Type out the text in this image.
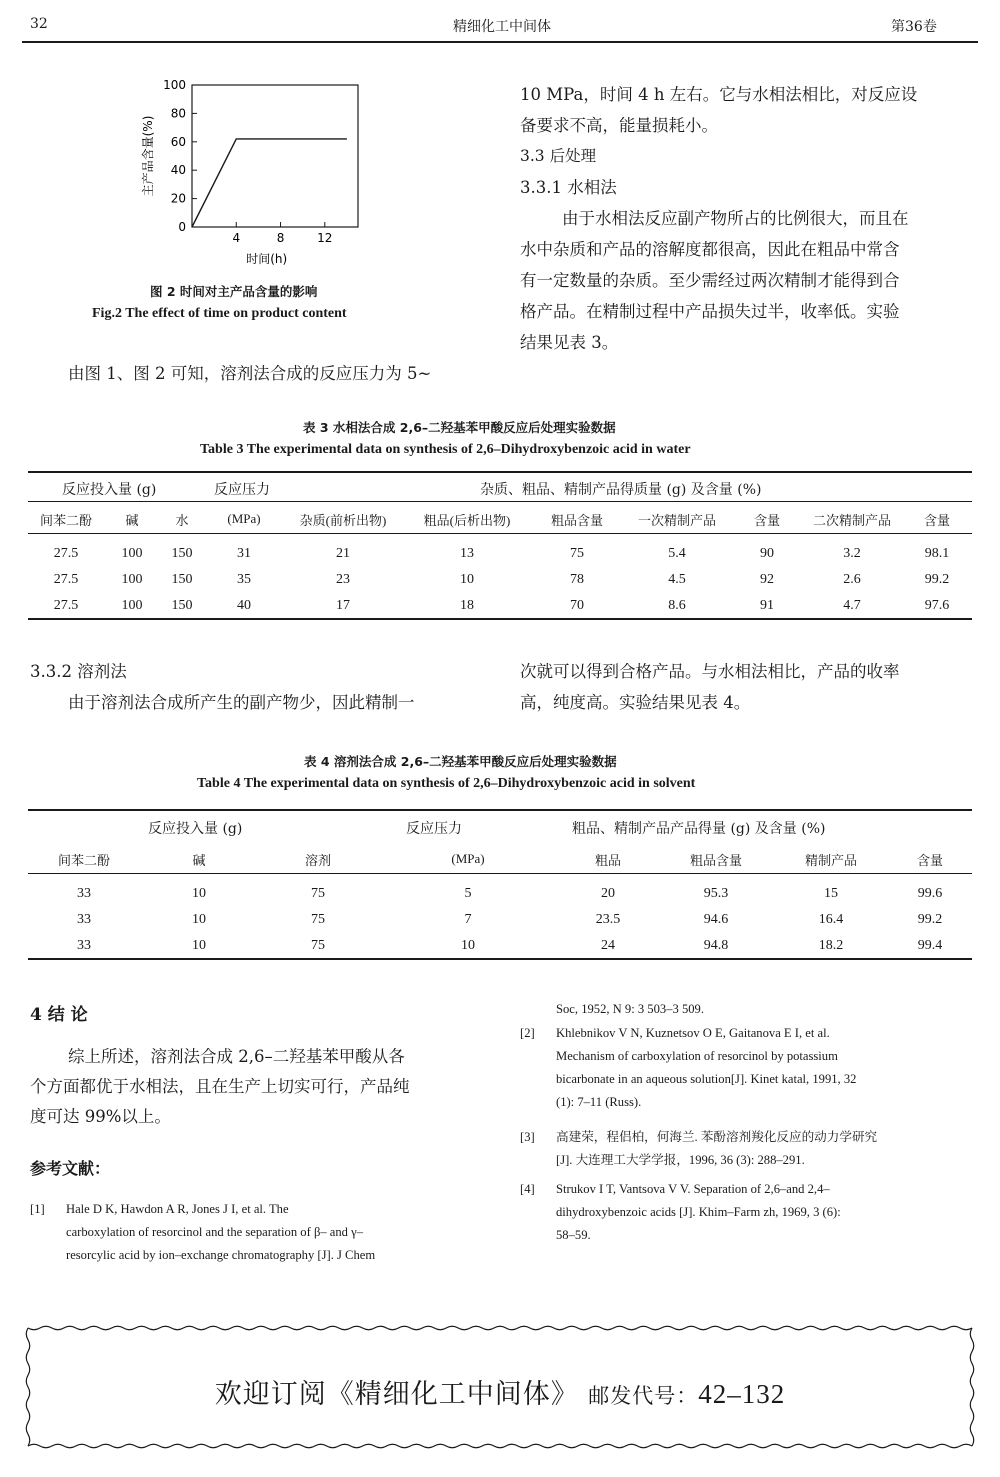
32	精细化工中间体	第36卷
0
20
40
60
80
100
4	8	12
时间(h)
主产品含量(%)
图 2 时间对主产品含量的影响
Fig.2 The effect of time on product content
由图 1、图 2 可知，溶剂法合成的反应压力为 5~
10 MPa，时间 4 h 左右。它与水相法相比，对反应设
备要求不高，能量损耗小。
3.3 后处理
3.3.1 水相法
由于水相法反应副产物所占的比例很大，而且在
水中杂质和产品的溶解度都很高，因此在粗品中常含
有一定数量的杂质。至少需经过两次精制才能得到合
格产品。在精制过程中产品损失过半，收率低。实验
结果见表 3。
表 3 水相法合成 2,6–二羟基苯甲酸反应后处理实验数据
Table 3 The experimental data on synthesis of 2,6–Dihydroxybenzoic acid in water
反应投入量 (g)	反应压力	杂质、粗品、精制产品得质量 (g) 及含量 (%)
间苯二酚	碱	水	(MPa)	杂质(前析出物)	粗品(后析出物)	粗品含量	一次精制产品	含量	二次精制产品	含量

27.5	100	150	31	21	13	75	5.4	90	3.2	98.1
27.5	100	150	35	23	10	78	4.5	92	2.6	99.2
27.5	100	150	40	17	18	70	8.6	91	4.7	97.6
3.3.2 溶剂法
由于溶剂法合成所产生的副产物少，因此精制一
次就可以得到合格产品。与水相法相比，产品的收率
高，纯度高。实验结果见表 4。
表 4 溶剂法合成 2,6–二羟基苯甲酸反应后处理实验数据
Table 4 The experimental data on synthesis of 2,6–Dihydroxybenzoic acid in solvent
反应投入量 (g)	反应压力	粗品、精制产品产品得量 (g) 及含量 (%)
间苯二酚	碱	溶剂	(MPa)	粗品	粗品含量	精制产品	含量

33	10	75	5	20	95.3	15	99.6
33	10	75	7	23.5	94.6	16.4	99.2
33	10	75	10	24	94.8	18.2	99.4
4 结 论
综上所述，溶剂法合成 2,6–二羟基苯甲酸从各
个方面都优于水相法，且在生产上切实可行，产品纯
度可达 99%以上。
参考文献：
[1] Hale D K, Hawdon A R, Jones J I, et al. The
carboxylation of resorcinol and the separation of β– and γ–
resorcylic acid by ion–exchange chromatography [J]. J Chem
Soc, 1952, N 9: 3 503–3 509.
[2] Khlebnikov V N, Kuznetsov O E, Gaitanova E I, et al.
Mechanism of carboxylation of resorcinol by potassium
bicarbonate in an aqueous solution[J]. Kinet katal, 1991, 32
(1): 7–11 (Russ).
[3] 高建荣，程侣柏，何海兰. 苯酚溶剂羧化反应的动力学研究
[J]. 大连理工大学学报，1996, 36 (3): 288–291.
[4] Strukov I T, Vantsova V V. Separation of 2,6–and 2,4–
dihydroxybenzoic acids [J]. Khim–Farm zh, 1969, 3 (6):
58–59.
欢迎订阅《精细化工中间体》 邮发代号：42–132
